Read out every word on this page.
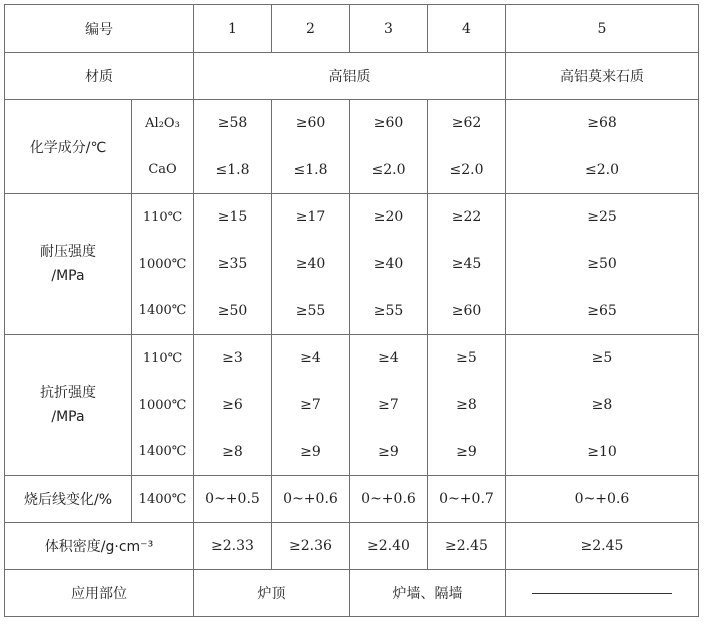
编号		1	2	3	4	5
材质		高铝质				高铝莫来石质
化学成分/℃	Al₂O₃	≥58	≥60	≥60	≥62	≥68
	CaO	≤1.8	≤1.8	≤2.0	≤2.0	≤2.0

耐压强度
/MPa	110℃	≥15	≥17	≥20	≥22	≥25
	1000℃	≥35	≥40	≥40	≥45	≥50
	1400℃	≥50	≥55	≥55	≥60	≥65

抗折强度
/MPa	110℃	≥3	≥4	≥4	≥5	≥5
	1000℃	≥6	≥7	≥7	≥8	≥8
	1400℃	≥8	≥9	≥9	≥9	≥10
烧后线变化/%	1400℃	0~+0.5	0~+0.6	0~+0.6	0~+0.7	0~+0.6
体积密度/g·cm⁻³		≥2.33	≥2.36	≥2.40	≥2.45	≥2.45
应用部位		炉顶		炉墙、隔墙		
